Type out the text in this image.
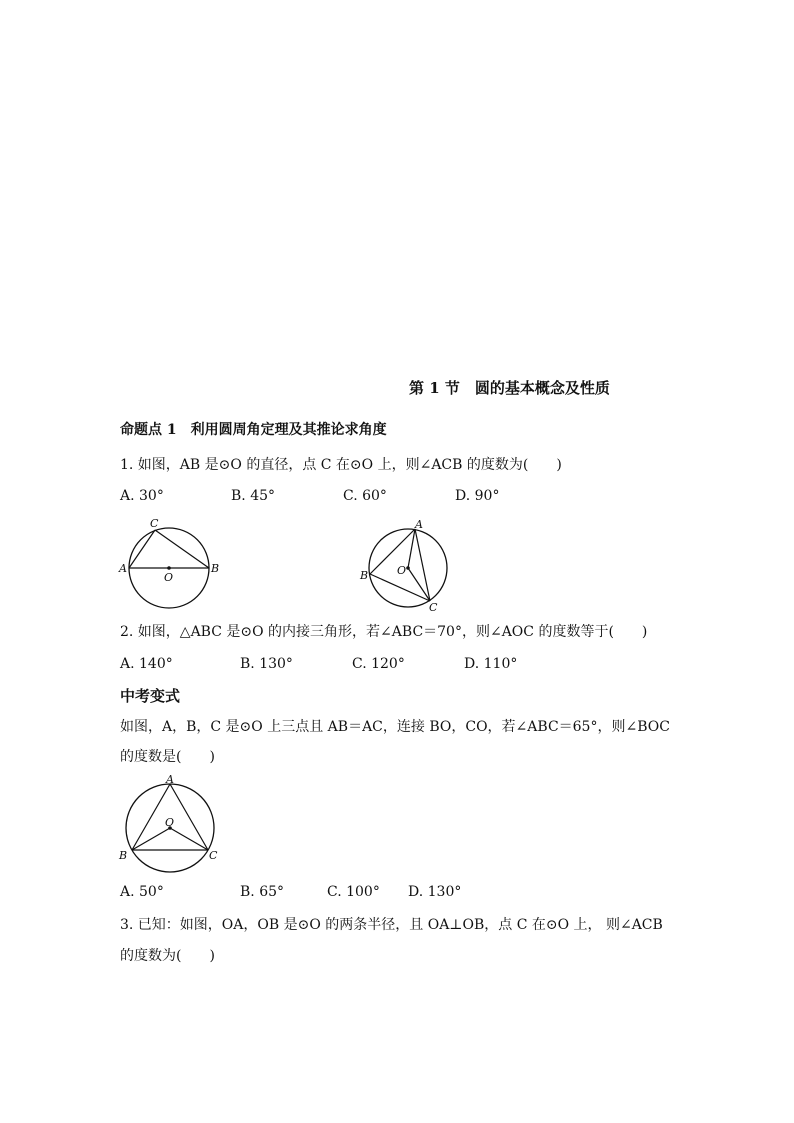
第 1 节　圆的基本概念及性质
命题点 1　利用圆周角定理及其推论求角度
1. 如图，AB 是⊙O 的直径，点 C 在⊙O 上，则∠ACB 的度数为(　　)
A. 30°	B. 45°	C. 60°	D. 90°
A	B
C
O
A
B
C
O
2. 如图，△ABC 是⊙O 的内接三角形，若∠ABC＝70°，则∠AOC 的度数等于(　　)
A. 140°	B. 130°	C. 120°	D. 110°
中考变式
如图，A，B，C 是⊙O 上三点且 AB＝AC，连接 BO，CO，若∠ABC＝65°，则∠BOC
的度数是(　　)
A
B	C
O
A. 50°	B. 65°	C. 100° D. 130°
3. 已知：如图，OA，OB 是⊙O 的两条半径，且 OA⊥OB，点 C 在⊙O 上， 则∠ACB
的度数为(　　)
